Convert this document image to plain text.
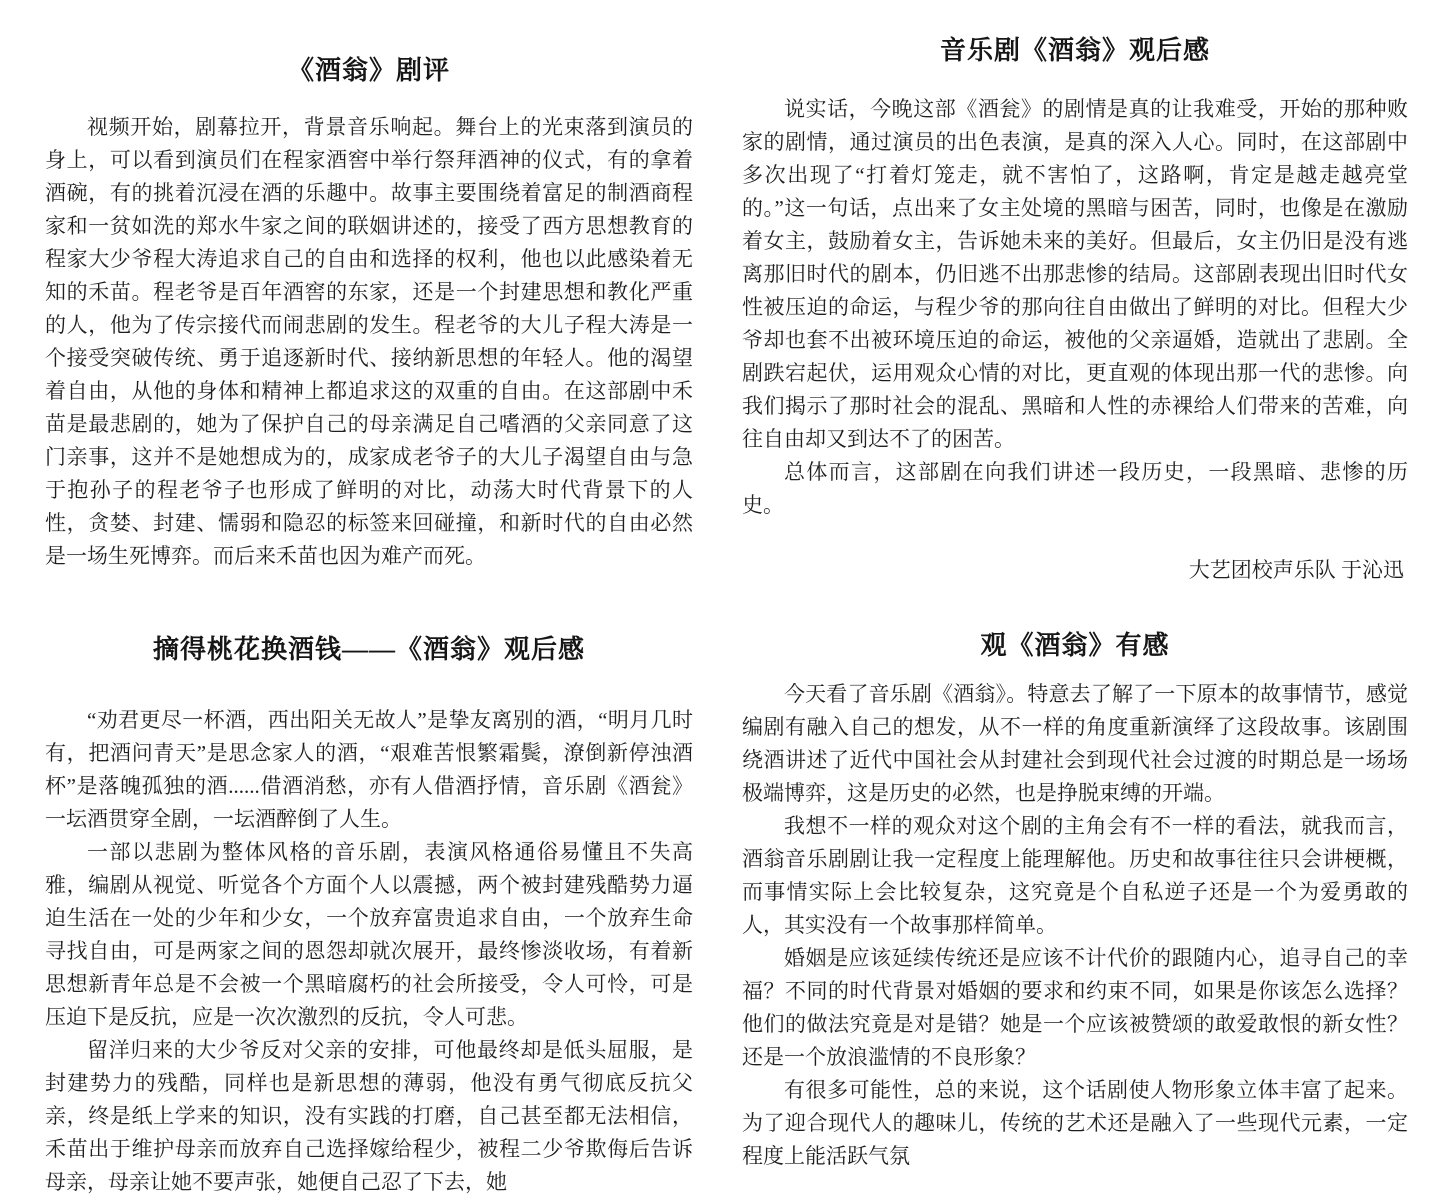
《酒翁》剧评

视频开始，剧幕拉开，背景音乐响起。舞台上的光束落到演员的身上，可以看到演员们在程家酒窖中举行祭拜酒神的仪式，有的拿着酒碗，有的挑着沉浸在酒的乐趣中。故事主要围绕着富足的制酒商程家和一贫如洗的郑水牛家之间的联姻讲述的，接受了西方思想教育的程家大少爷程大涛追求自己的自由和选择的权利，他也以此感染着无知的禾苗。程老爷是百年酒窖的东家，还是一个封建思想和教化严重的人，他为了传宗接代而闹悲剧的发生。程老爷的大儿子程大涛是一个接受突破传统、勇于追逐新时代、接纳新思想的年轻人。他的渴望着自由，从他的身体和精神上都追求这的双重的自由。在这部剧中禾苗是最悲剧的，她为了保护自己的母亲满足自己嗜酒的父亲同意了这门亲事，这并不是她想成为的，成家成老爷子的大儿子渴望自由与急于抱孙子的程老爷子也形成了鲜明的对比，动荡大时代背景下的人性，贪婪、封建、懦弱和隐忍的标签来回碰撞，和新时代的自由必然是一场生死博弈。而后来禾苗也因为难产而死。

摘得桃花换酒钱——《酒翁》观后感

“劝君更尽一杯酒，西出阳关无故人”是挚友离别的酒，“明月几时有，把酒问青天”是思念家人的酒，“艰难苦恨繁霜鬓，潦倒新停浊酒杯”是落魄孤独的酒......借酒消愁，亦有人借酒抒情，音乐剧《酒瓮》一坛酒贯穿全剧，一坛酒醉倒了人生。

一部以悲剧为整体风格的音乐剧，表演风格通俗易懂且不失高雅，编剧从视觉、听觉各个方面个人以震撼，两个被封建残酷势力逼迫生活在一处的少年和少女，一个放弃富贵追求自由，一个放弃生命寻找自由，可是两家之间的恩怨却就次展开，最终惨淡收场，有着新思想新青年总是不会被一个黑暗腐朽的社会所接受，令人可怜，可是压迫下是反抗，应是一次次激烈的反抗，令人可悲。

留洋归来的大少爷反对父亲的安排，可他最终却是低头屈服，是封建势力的残酷，同样也是新思想的薄弱，他没有勇气彻底反抗父亲，终是纸上学来的知识，没有实践的打磨，自己甚至都无法相信，禾苗出于维护母亲而放弃自己选择嫁给程少，被程二少爷欺侮后告诉母亲，母亲让她不要声张，她便自己忍了下去，她

音乐剧《酒翁》观后感

说实话，今晚这部《酒瓮》的剧情是真的让我难受，开始的那种败家的剧情，通过演员的出色表演，是真的深入人心。同时，在这部剧中多次出现了“打着灯笼走，就不害怕了，这路啊，肯定是越走越亮堂的。”这一句话，点出来了女主处境的黑暗与困苦，同时，也像是在激励着女主，鼓励着女主，告诉她未来的美好。但最后，女主仍旧是没有逃离那旧时代的剧本，仍旧逃不出那悲惨的结局。这部剧表现出旧时代女性被压迫的命运，与程少爷的那向往自由做出了鲜明的对比。但程大少爷却也套不出被环境压迫的命运，被他的父亲逼婚，造就出了悲剧。全剧跌宕起伏，运用观众心情的对比，更直观的体现出那一代的悲惨。向我们揭示了那时社会的混乱、黑暗和人性的赤裸给人们带来的苦难，向往自由却又到达不了的困苦。

总体而言，这部剧在向我们讲述一段历史，一段黑暗、悲惨的历史。

大艺团校声乐队 于沁迅

观《酒翁》有感

今天看了音乐剧《酒翁》。特意去了解了一下原本的故事情节，感觉编剧有融入自己的想发，从不一样的角度重新演绎了这段故事。该剧围绕酒讲述了近代中国社会从封建社会到现代社会过渡的时期总是一场场极端博弈，这是历史的必然，也是挣脱束缚的开端。

我想不一样的观众对这个剧的主角会有不一样的看法，就我而言，酒翁音乐剧剧让我一定程度上能理解他。历史和故事往往只会讲梗概，而事情实际上会比较复杂，这究竟是个自私逆子还是一个为爱勇敢的人，其实没有一个故事那样简单。

婚姻是应该延续传统还是应该不计代价的跟随内心，追寻自己的幸福？不同的时代背景对婚姻的要求和约束不同，如果是你该怎么选择？他们的做法究竟是对是错？她是一个应该被赞颂的敢爱敢恨的新女性？还是一个放浪滥情的不良形象？

有很多可能性，总的来说，这个话剧使人物形象立体丰富了起来。为了迎合现代人的趣味儿，传统的艺术还是融入了一些现代元素，一定程度上能活跃气氛
